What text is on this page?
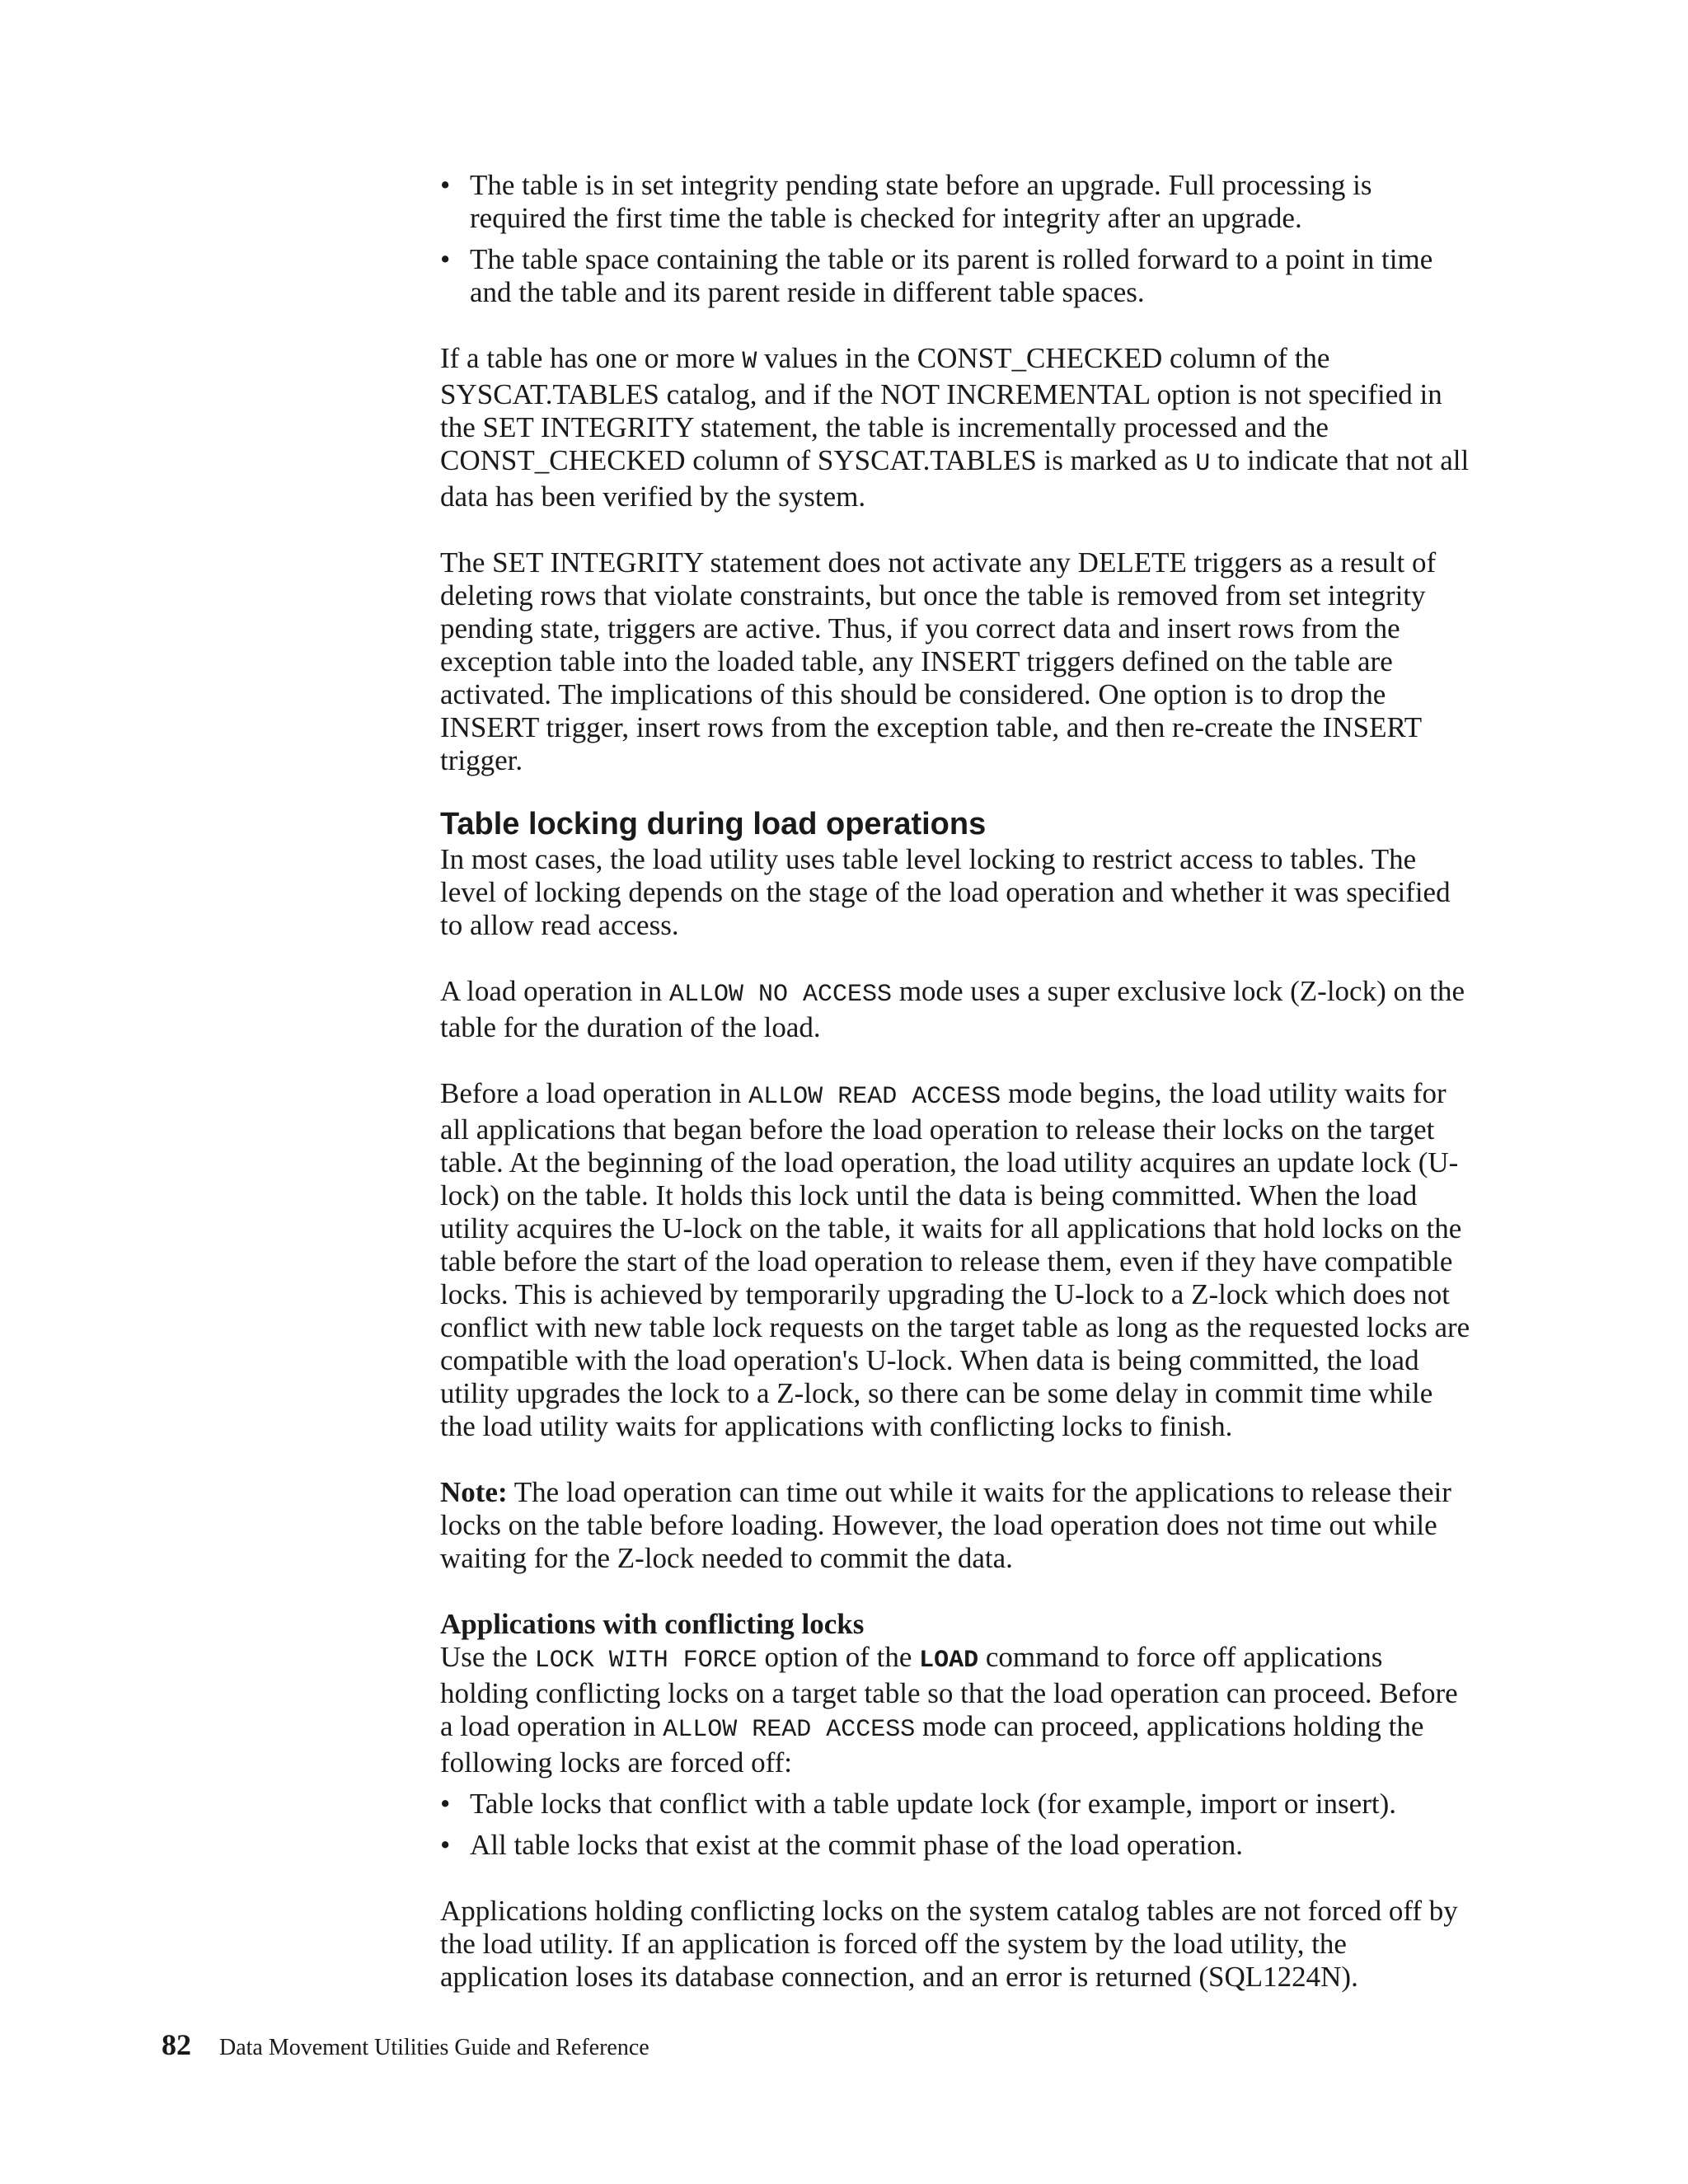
• The table is in set integrity pending state before an upgrade. Full processing is required the first time the table is checked for integrity after an upgrade.
• The table space containing the table or its parent is rolled forward to a point in time and the table and its parent reside in different table spaces.

If a table has one or more W values in the CONST_CHECKED column of the SYSCAT.TABLES catalog, and if the NOT INCREMENTAL option is not specified in the SET INTEGRITY statement, the table is incrementally processed and the CONST_CHECKED column of SYSCAT.TABLES is marked as U to indicate that not all data has been verified by the system.

The SET INTEGRITY statement does not activate any DELETE triggers as a result of deleting rows that violate constraints, but once the table is removed from set integrity pending state, triggers are active. Thus, if you correct data and insert rows from the exception table into the loaded table, any INSERT triggers defined on the table are activated. The implications of this should be considered. One option is to drop the INSERT trigger, insert rows from the exception table, and then re-create the INSERT trigger.

Table locking during load operations

In most cases, the load utility uses table level locking to restrict access to tables. The level of locking depends on the stage of the load operation and whether it was specified to allow read access.

A load operation in ALLOW NO ACCESS mode uses a super exclusive lock (Z-lock) on the table for the duration of the load.

Before a load operation in ALLOW READ ACCESS mode begins, the load utility waits for all applications that began before the load operation to release their locks on the target table. At the beginning of the load operation, the load utility acquires an update lock (U-lock) on the table. It holds this lock until the data is being committed. When the load utility acquires the U-lock on the table, it waits for all applications that hold locks on the table before the start of the load operation to release them, even if they have compatible locks. This is achieved by temporarily upgrading the U-lock to a Z-lock which does not conflict with new table lock requests on the target table as long as the requested locks are compatible with the load operation's U-lock. When data is being committed, the load utility upgrades the lock to a Z-lock, so there can be some delay in commit time while the load utility waits for applications with conflicting locks to finish.

Note: The load operation can time out while it waits for the applications to release their locks on the table before loading. However, the load operation does not time out while waiting for the Z-lock needed to commit the data.

Applications with conflicting locks
Use the LOCK WITH FORCE option of the LOAD command to force off applications holding conflicting locks on a target table so that the load operation can proceed. Before a load operation in ALLOW READ ACCESS mode can proceed, applications holding the following locks are forced off:

• Table locks that conflict with a table update lock (for example, import or insert).
• All table locks that exist at the commit phase of the load operation.

Applications holding conflicting locks on the system catalog tables are not forced off by the load utility. If an application is forced off the system by the load utility, the application loses its database connection, and an error is returned (SQL1224N).

82 Data Movement Utilities Guide and Reference
